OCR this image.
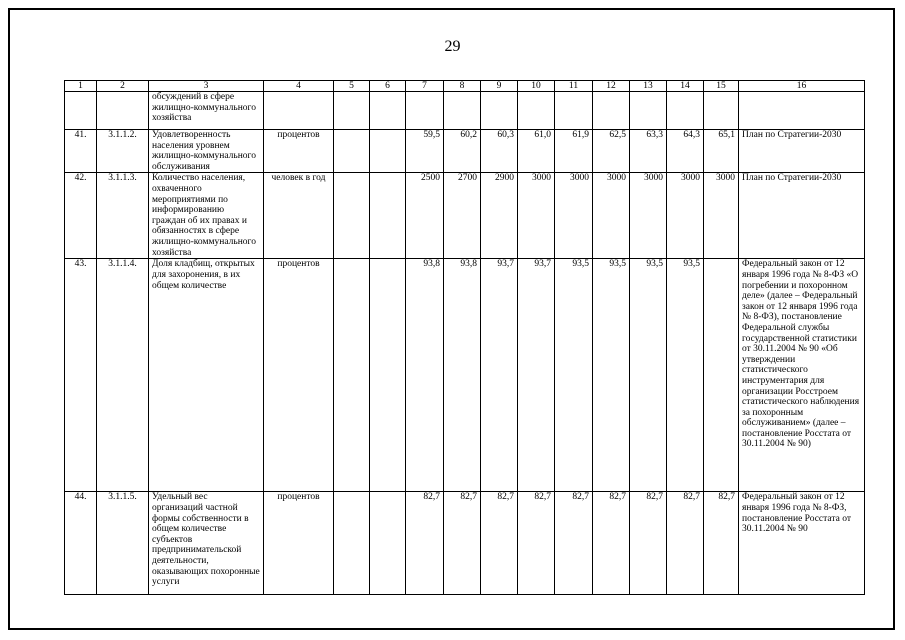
29
1	2	3	4	5	6	7	8	9	10	11	12	13	14	15	16
		обсуждений в сфере жилищно-коммунального хозяйства													
41.	3.1.1.2.	Удовлетворенность населения уровнем жилищно-коммунального обслуживания	процентов			59,5	60,2	60,3	61,0	61,9	62,5	63,3	64,3	65,1	План по Стратегии-2030
42.	3.1.1.3.	Количество населения, охваченного мероприятиями по информированию граждан об их правах и обязанностях в сфере жилищно-коммунального хозяйства	человек в год			2500	2700	2900	3000	3000	3000	3000	3000	3000	План по Стратегии-2030
43.	3.1.1.4.	Доля кладбищ, открытых для захоронения, в их общем количестве	процентов			93,8	93,8	93,7	93,7	93,5	93,5	93,5	93,5		Федеральный закон от 12 января 1996 года № 8-ФЗ «О погребении и похоронном деле» (далее – Федеральный закон от 12 января 1996 года № 8-ФЗ), постановление Федеральной службы государственной статистики от 30.11.2004 № 90 «Об утверждении статистического инструментария для организации Росстроем статистического наблюдения за похоронным обслуживанием» (далее – постановление Росстата от 30.11.2004 № 90)
44.	3.1.1.5.	Удельный вес организаций частной формы собственности в общем количестве субъектов предпринимательской деятельности, оказывающих похоронные услуги	процентов			82,7	82,7	82,7	82,7	82,7	82,7	82,7	82,7	82,7	Федеральный закон от 12 января 1996 года № 8-ФЗ, постановление Росстата от 30.11.2004 № 90
